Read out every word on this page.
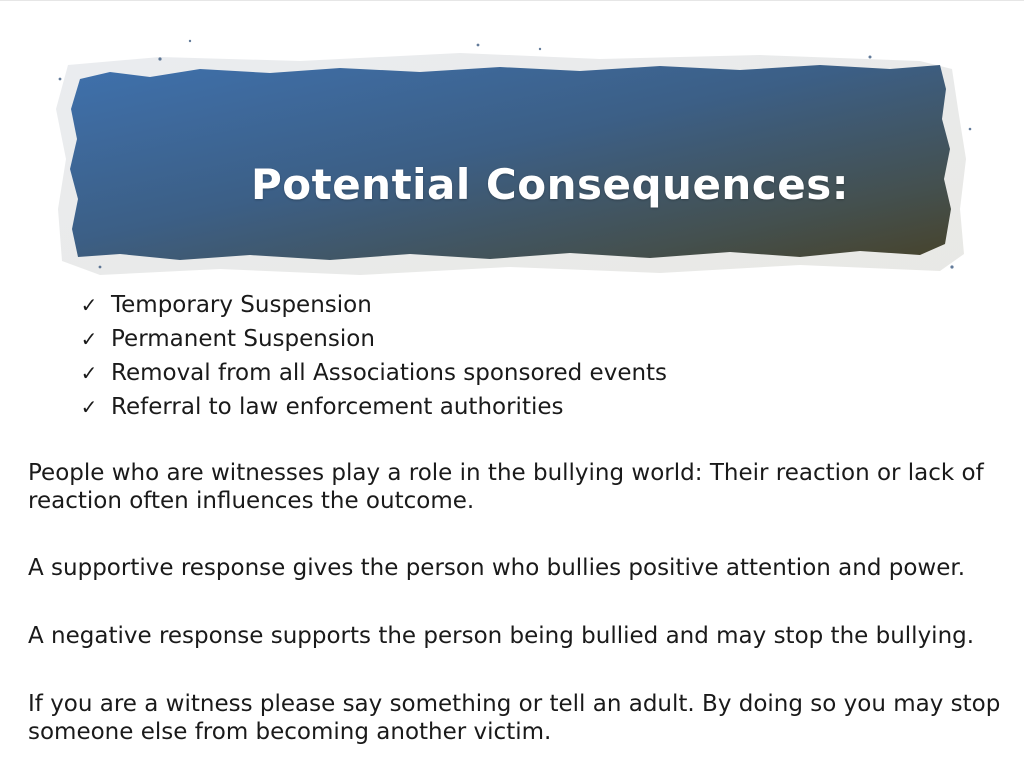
Potential Consequences:
✓ Temporary Suspension
✓ Permanent Suspension
✓ Removal from all Associations sponsored events
✓ Referral to law enforcement authorities

People who are witnesses play a role in the bullying world: Their reaction or lack of reaction often influences the outcome.

A supportive response gives the person who bullies positive attention and power.

A negative response supports the person being bullied and may stop the bullying.

If you are a witness please say something or tell an adult. By doing so you may stop someone else from becoming another victim.
